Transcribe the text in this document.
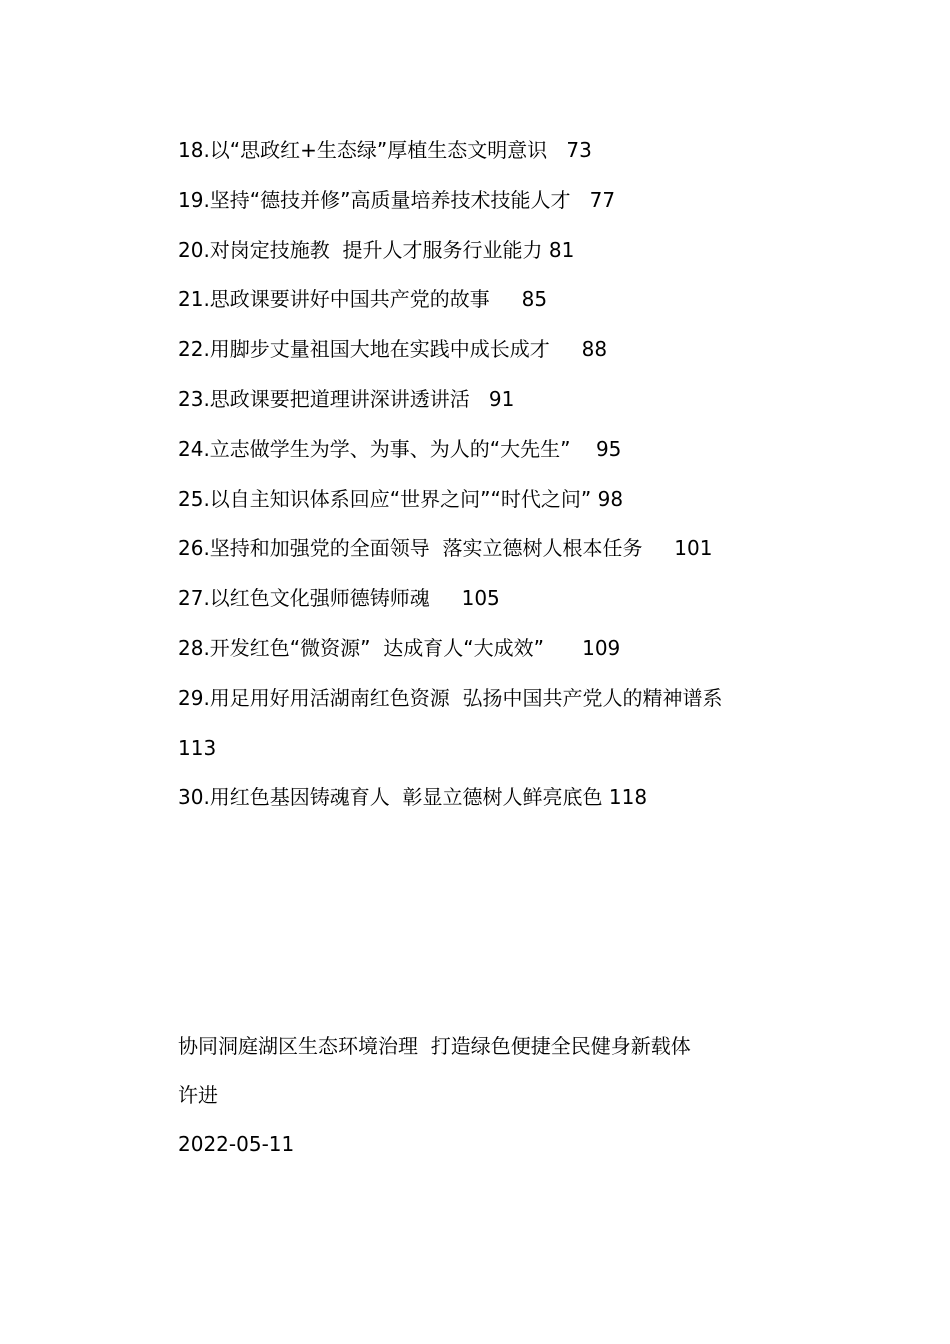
18.以“思政红+生态绿”厚植生态文明意识   73
19.坚持“德技并修”高质量培养技术技能人才   77
20.对岗定技施教  提升人才服务行业能力 81
21.思政课要讲好中国共产党的故事     85
22.用脚步丈量祖国大地在实践中成长成才     88
23.思政课要把道理讲深讲透讲活   91
24.立志做学生为学、为事、为人的“大先生”    95
25.以自主知识体系回应“世界之问”“时代之问” 98
26.坚持和加强党的全面领导  落实立德树人根本任务     101
27.以红色文化强师德铸师魂     105
28.开发红色“微资源”  达成育人“大成效”      109
29.用足用好用活湖南红色资源  弘扬中国共产党人的精神谱系
113
30.用红色基因铸魂育人  彰显立德树人鲜亮底色 118
协同洞庭湖区生态环境治理  打造绿色便捷全民健身新载体
许进
2022-05-11
